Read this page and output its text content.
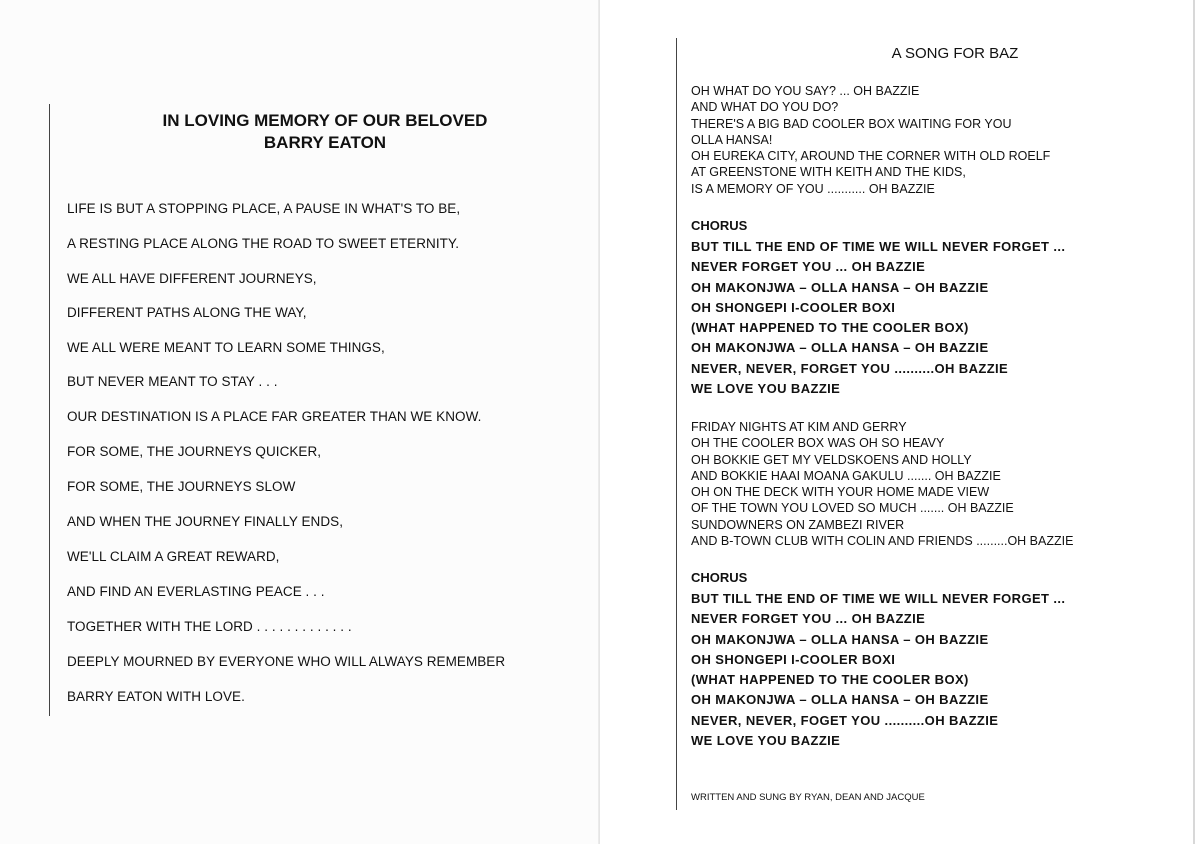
IN LOVING MEMORY OF OUR BELOVED
BARRY EATON

LIFE IS BUT A STOPPING PLACE, A PAUSE IN WHAT'S TO BE,

A RESTING PLACE ALONG THE ROAD TO SWEET ETERNITY.

WE ALL HAVE DIFFERENT JOURNEYS,

DIFFERENT PATHS ALONG THE WAY,

WE ALL WERE MEANT TO LEARN SOME THINGS,

BUT NEVER MEANT TO STAY . . .

OUR DESTINATION IS A PLACE FAR GREATER THAN WE KNOW.

FOR SOME, THE JOURNEYS QUICKER,

FOR SOME, THE JOURNEYS SLOW

AND WHEN THE JOURNEY FINALLY ENDS,

WE'LL CLAIM A GREAT REWARD,

AND FIND AN EVERLASTING PEACE . . .

TOGETHER WITH THE LORD . . . . . . . . . . . . .

DEEPLY MOURNED BY EVERYONE WHO WILL ALWAYS REMEMBER

BARRY EATON WITH LOVE.

A SONG FOR BAZ
OH WHAT DO YOU SAY? ... OH BAZZIE
AND WHAT DO YOU DO?
THERE'S A BIG BAD COOLER BOX WAITING FOR YOU
OLLA HANSA!
OH EUREKA CITY, AROUND THE CORNER WITH OLD ROELF
AT GREENSTONE WITH KEITH AND THE KIDS,
IS A MEMORY OF YOU ........... OH BAZZIE

CHORUS

BUT TILL THE END OF TIME WE WILL NEVER FORGET ...
NEVER FORGET YOU ... OH BAZZIE
OH MAKONJWA – OLLA HANSA – OH BAZZIE
OH SHONGEPI I-COOLER BOXI
(WHAT HAPPENED TO THE COOLER BOX)
OH MAKONJWA – OLLA HANSA – OH BAZZIE
NEVER, NEVER, FORGET YOU ..........OH BAZZIE
WE LOVE YOU BAZZIE
FRIDAY NIGHTS AT KIM AND GERRY
OH THE COOLER BOX WAS OH SO HEAVY
OH BOKKIE GET MY VELDSKOENS AND HOLLY
AND BOKKIE HAAI MOANA GAKULU ....... OH BAZZIE
OH ON THE DECK WITH YOUR HOME MADE VIEW
OF THE TOWN YOU LOVED SO MUCH ....... OH BAZZIE
SUNDOWNERS ON ZAMBEZI RIVER
AND B-TOWN CLUB WITH COLIN AND FRIENDS .........OH BAZZIE

CHORUS

BUT TILL THE END OF TIME WE WILL NEVER FORGET ...
NEVER FORGET YOU ... OH BAZZIE
OH MAKONJWA – OLLA HANSA – OH BAZZIE
OH SHONGEPI I-COOLER BOXI
(WHAT HAPPENED TO THE COOLER BOX)
OH MAKONJWA – OLLA HANSA – OH BAZZIE
NEVER, NEVER, FOGET YOU ..........OH BAZZIE
WE LOVE YOU BAZZIE

WRITTEN AND SUNG BY RYAN, DEAN AND JACQUE
